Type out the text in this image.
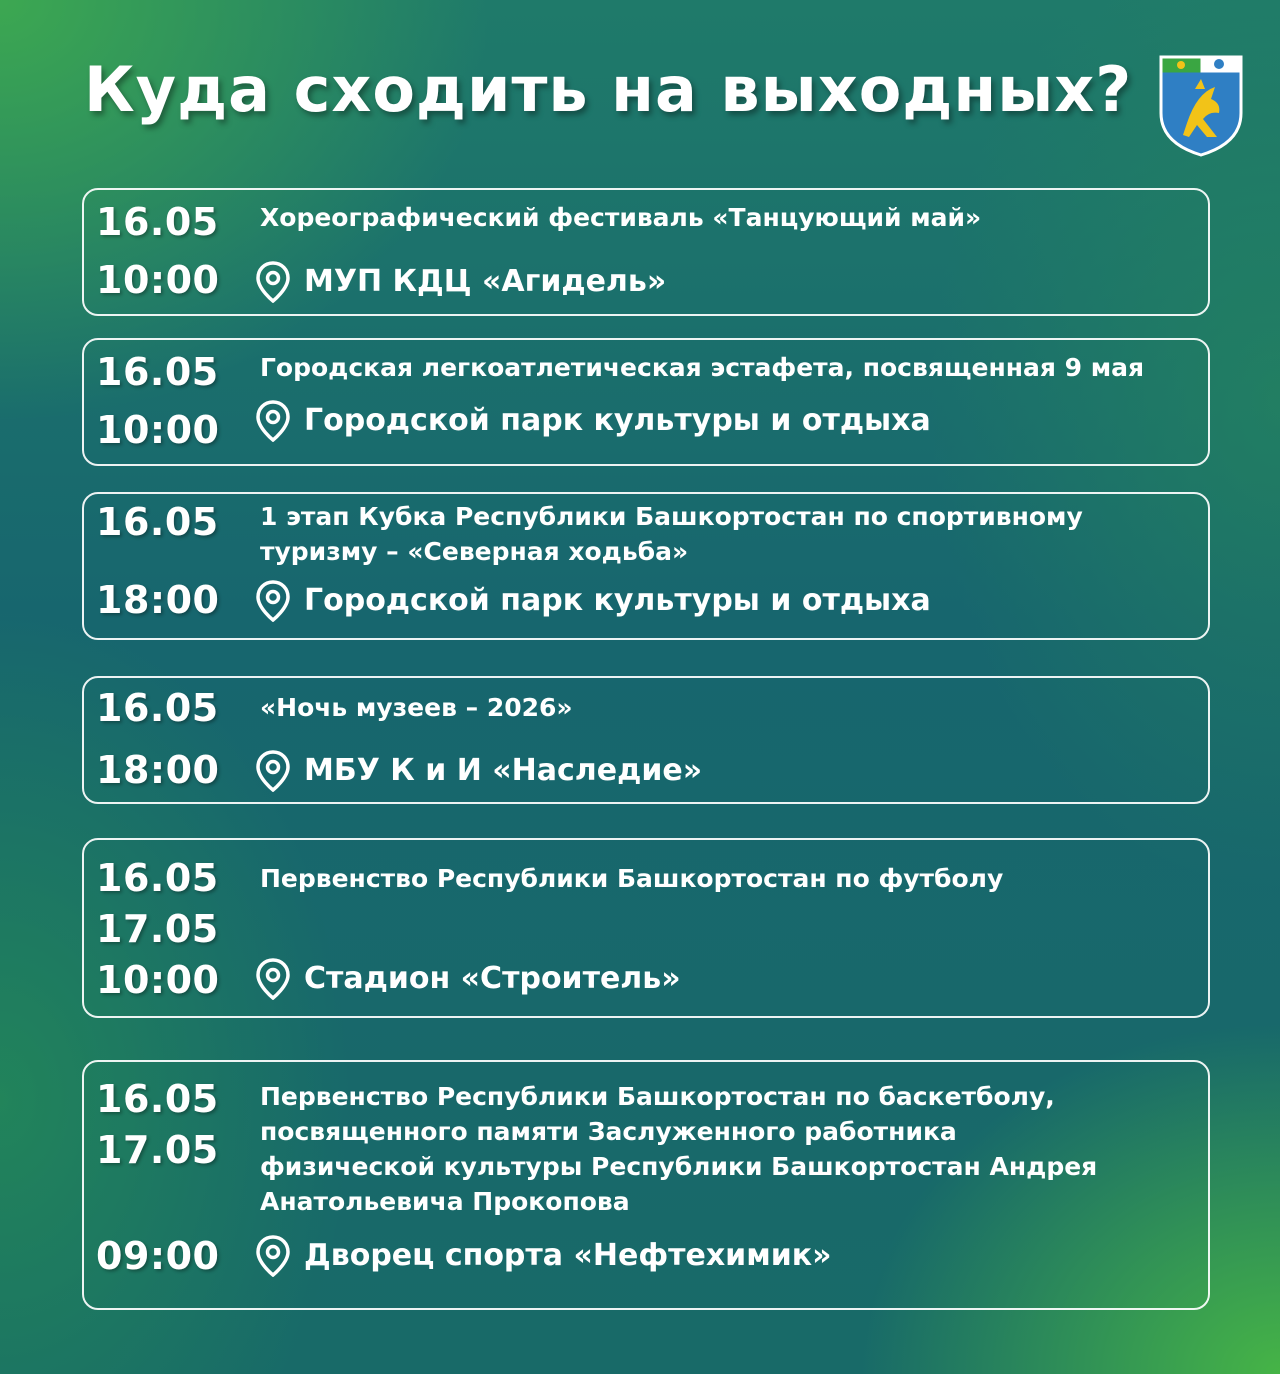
Куда сходить на выходных?
16.05
10:00
Хореографический фестиваль «Танцующий май»
МУП КДЦ «Агидель»
16.05
10:00
Городская легкоатлетическая эстафета, посвященная 9 мая
Городской парк культуры и отдыха
16.05
18:00
1 этап Кубка Республики Башкортостан по спортивному
туризму – «Северная ходьба»
Городской парк культуры и отдыха
16.05
18:00
«Ночь музеев – 2026»
МБУ К и И «Наследие»
16.05
17.05
10:00
Первенство Республики Башкортостан по футболу
Стадион «Строитель»
16.05
17.05
09:00
Первенство Республики Башкортостан по баскетболу,
посвященного памяти Заслуженного работника
физической культуры Республики Башкортостан Андрея
Анатольевича Прокопова
Дворец спорта «Нефтехимик»
